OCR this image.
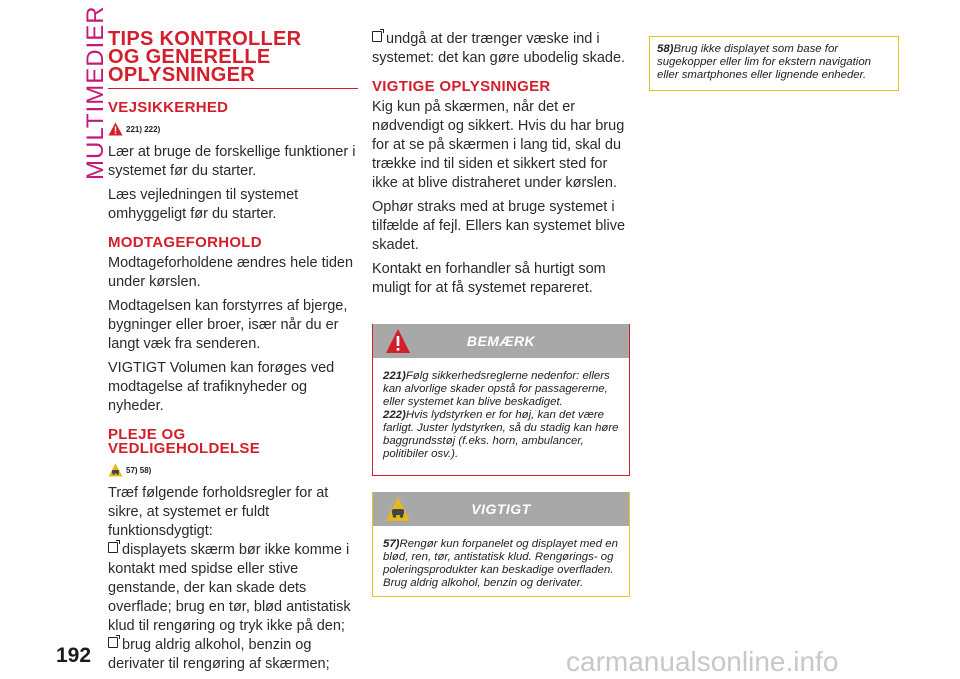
MULTIMEDIER TIPS KONTROLLER
OG GENERELLE
OPLYSNINGER
VEJSIKKERHED
221) 222)

Lær at bruge de forskellige funktioner i systemet før du starter.

Læs vejledningen til systemet omhyggeligt før du starter.

MODTAGEFORHOLD

Modtageforholdene ændres hele tiden under kørslen.

Modtagelsen kan forstyrres af bjerge, bygninger eller broer, især når du er langt væk fra senderen.

VIGTIGT Volumen kan forøges ved modtagelse af trafiknyheder og nyheder.

PLEJE OG
VEDLIGEHOLDELSE
57) 58)

Træf følgende forholdsregler for at sikre, at systemet er fuldt funktionsdygtigt:

displayets skærm bør ikke komme i kontakt med spidse eller stive genstande, der kan skade dets overflade; brug en tør, blød antistatisk klud til rengøring og tryk ikke på den;

brug aldrig alkohol, benzin og derivater til rengøring af skærmen;

undgå at der trænger væske ind i systemet: det kan gøre ubodelig skade.

VIGTIGE OPLYSNINGER

Kig kun på skærmen, når det er nødvendigt og sikkert. Hvis du har brug for at se på skærmen i lang tid, skal du trække ind til siden et sikkert sted for ikke at blive distraheret under kørslen.

Ophør straks med at bruge systemet i tilfælde af fejl. Ellers kan systemet blive skadet.

Kontakt en forhandler så hurtigt som muligt for at få systemet repareret.

BEMÆRK
221)Følg sikkerhedsreglerne nedenfor: ellers kan alvorlige skader opstå for passagererne, eller systemet kan blive beskadiget.
222)Hvis lydstyrken er for høj, kan det være farligt. Juster lydstyrken, så du stadig kan høre baggrundsstøj (f.eks. horn, ambulancer, politibiler osv.).
VIGTIGT
57)Rengør kun forpanelet og displayet med en blød, ren, tør, antistatisk klud. Rengørings- og poleringsprodukter kan beskadige overfladen. Brug aldrig alkohol, benzin og derivater.
58)Brug ikke displayet som base for sugekopper eller lim for ekstern navigation eller smartphones eller lignende enheder.
192	carmanualsonline.info
